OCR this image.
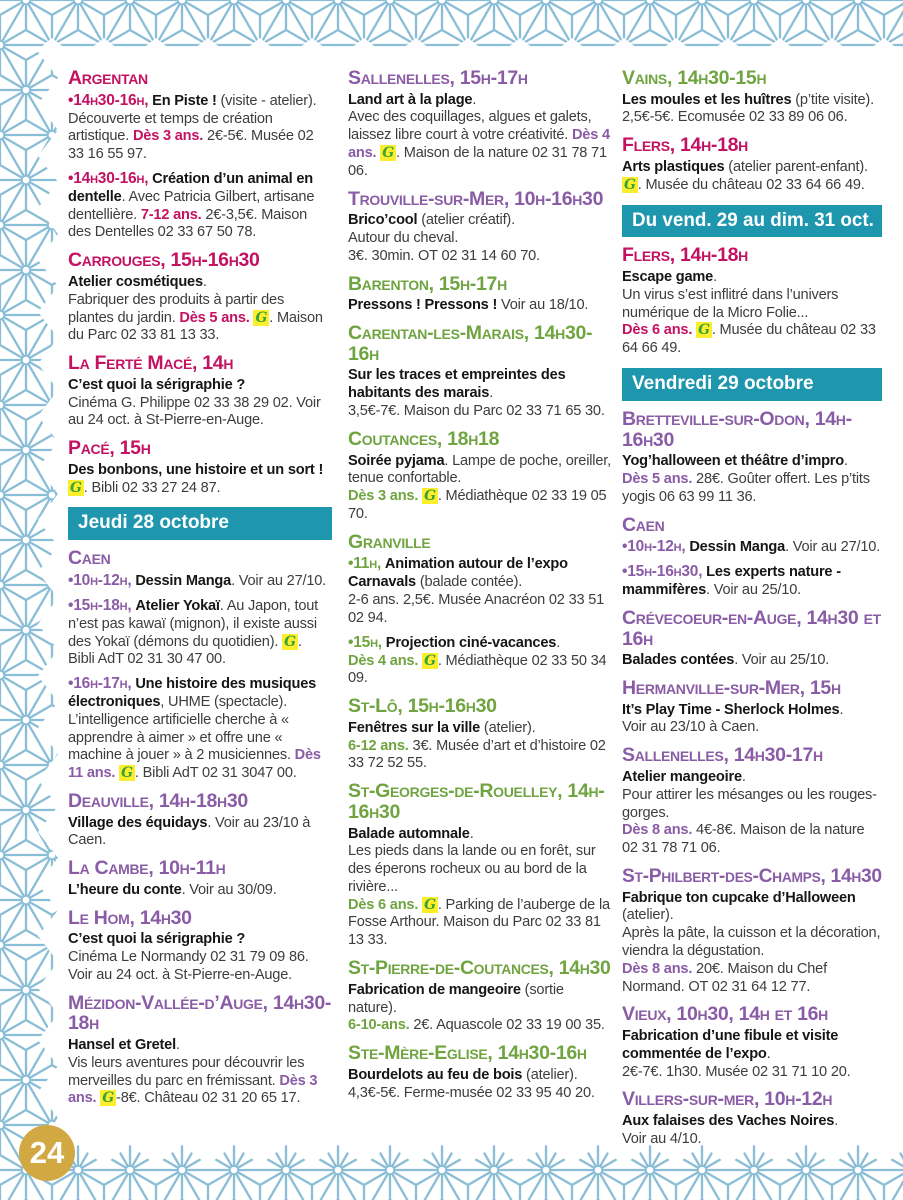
Argentan

•14h30-16h, En Piste ! (visite - atelier). Découverte et temps de création artistique. Dès 3 ans. 2€-5€. Musée 02 33 16 55 97.

•14h30-16h, Création d’un animal en dentelle. Avec Patricia Gilbert, artisane dentellière. 7-12 ans. 2€-3,5€. Maison des Dentelles 02 33 67 50 78.

Carrouges, 15h-16h30

Atelier cosmétiques.
Fabriquer des produits à partir des plantes du jardin. Dès 5 ans. G . Maison du Parc 02 33 81 13 33.

La Ferté Macé, 14h

C’est quoi la sérigraphie ?
Cinéma G. Philippe 02 33 38 29 02. Voir au 24 oct. à St-Pierre-en-Auge.

Pacé, 15h

Des bonbons, une histoire et un sort !
G . Bibli 02 33 27 24 87.

Jeudi 28 octobre
Caen

•10h-12h, Dessin Manga. Voir au 27/10.

•15h-18h, Atelier Yokaï. Au Japon, tout n’est pas kawaï (mignon), il existe aussi des Yokaï (démons du quotidien). G . Bibli AdT 02 31 30 47 00.

•16h-17h, Une histoire des musiques électroniques, UHME (spectacle). L’intelligence artificielle cherche à « apprendre à aimer » et offre une « machine à jouer » à 2 musiciennes. Dès 11 ans. G . Bibli AdT 02 31 3047 00.

Deauville, 14h-18h30

Village des équidays. Voir au 23/10 à Caen.

La Cambe, 10h-11h

L’heure du conte. Voir au 30/09.

Le Hom, 14h30

C’est quoi la sérigraphie ?
Cinéma Le Normandy 02 31 79 09 86. Voir au 24 oct. à St-Pierre-en-Auge.

Mézidon-Vallée-d’Auge, 14h30-18h

Hansel et Gretel.
Vis leurs aventures pour découvrir les merveilles du parc en frémissant. Dès 3 ans. G -8€. Château 02 31 20 65 17.

Sallenelles, 15h-17h

Land art à la plage.
Avec des coquillages, algues et galets, laissez libre court à votre créativité. Dès 4 ans. G . Maison de la nature 02 31 78 71 06.

Trouville-sur-Mer, 10h-16h30

Brico’cool (atelier créatif).
Autour du cheval.
3€. 30min. OT 02 31 14 60 70.

Barenton, 15h-17h

Pressons ! Pressons ! Voir au 18/10.

Carentan-les-Marais, 14h30-16h

Sur les traces et empreintes des habitants des marais.
3,5€-7€. Maison du Parc 02 33 71 65 30.

Coutances, 18h18

Soirée pyjama. Lampe de poche, oreiller, tenue confortable.
Dès 3 ans. G . Médiathèque 02 33 19 05 70.

Granville

•11h, Animation autour de l’expo Carnavals (balade contée).
2-6 ans. 2,5€. Musée Anacréon 02 33 51 02 94.

•15h, Projection ciné-vacances.
Dès 4 ans. G . Médiathèque 02 33 50 34 09.

St-Lô, 15h-16h30

Fenêtres sur la ville (atelier).
6-12 ans. 3€. Musée d’art et d’histoire 02 33 72 52 55.

St-Georges-de-Rouelley, 14h-16h30

Balade automnale.
Les pieds dans la lande ou en forêt, sur des éperons rocheux ou au bord de la rivière...
Dès 6 ans. G . Parking de l’auberge de la Fosse Arthour. Maison du Parc 02 33 81 13 33.

St-Pierre-de-Coutances, 14h30

Fabrication de mangeoire (sortie nature).
6-10-ans. 2€. Aquascole 02 33 19 00 35.

Ste-Mère-Eglise, 14h30-16h

Bourdelots au feu de bois (atelier).
4,3€-5€. Ferme-musée 02 33 95 40 20.

Vains, 14h30-15h

Les moules et les huîtres (p’tite visite).
2,5€-5€. Ecomusée 02 33 89 06 06.

Flers, 14h-18h

Arts plastiques (atelier parent-enfant).
G . Musée du château 02 33 64 66 49.

Du vend. 29 au dim. 31 oct.
Flers, 14h-18h

Escape game.
Un virus s’est inflitré dans l’univers numérique de la Micro Folie...
Dès 6 ans. G . Musée du château 02 33 64 66 49.

Vendredi 29 octobre
Bretteville-sur-Odon, 14h-16h30

Yog’halloween et théâtre d’impro.
Dès 5 ans. 28€. Goûter offert. Les p’tits yogis 06 63 99 11 36.

Caen

•10h-12h, Dessin Manga. Voir au 27/10.

•15h-16h30, Les experts nature - mammifères. Voir au 25/10.

Crévecoeur-en-Auge, 14h30 et 16h

Balades contées. Voir au 25/10.

Hermanville-sur-Mer, 15h

It’s Play Time - Sherlock Holmes.
Voir au 23/10 à Caen.

Sallenelles, 14h30-17h

Atelier mangeoire.
Pour attirer les mésanges ou les rouges-gorges.
Dès 8 ans. 4€-8€. Maison de la nature 02 31 78 71 06.

St-Philbert-des-Champs, 14h30

Fabrique ton cupcake d’Halloween (atelier).
Après la pâte, la cuisson et la décoration, viendra la dégustation.
Dès 8 ans. 20€. Maison du Chef Normand. OT 02 31 64 12 77.

Vieux, 10h30, 14h et 16h

Fabrication d’une fibule et visite commentée de l’expo.
2€-7€. 1h30. Musée 02 31 71 10 20.

Villers-sur-mer, 10h-12h

Aux falaises des Vaches Noires.
Voir au 4/10.

24
